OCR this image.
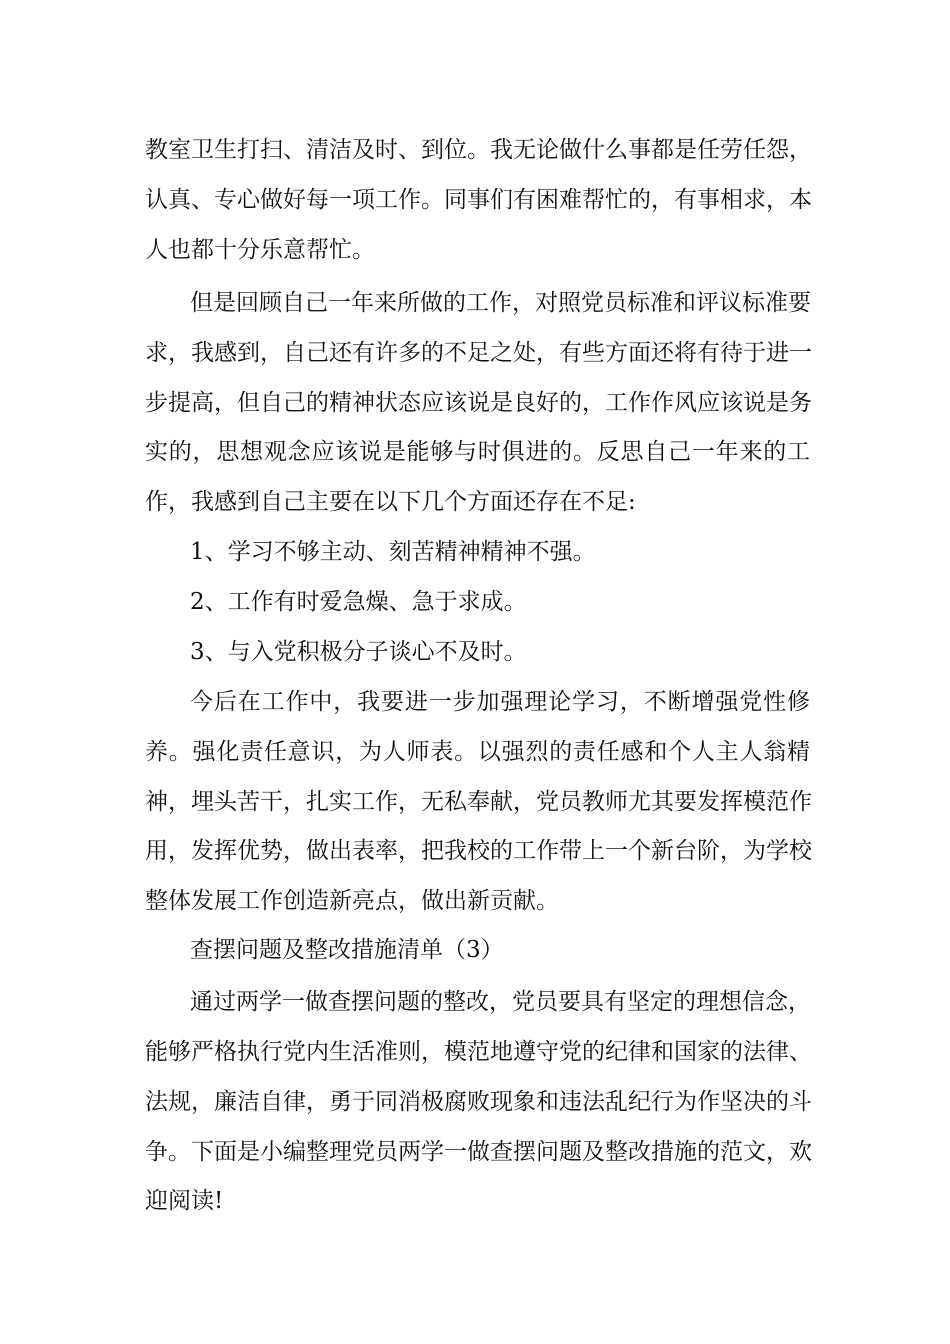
教室卫生打扫、清洁及时、到位。我无论做什么事都是任劳任怨，
认真、专心做好每一项工作。同事们有困难帮忙的，有事相求，本
人也都十分乐意帮忙。
但是回顾自己一年来所做的工作，对照党员标准和评议标准要
求，我感到，自己还有许多的不足之处，有些方面还将有待于进一
步提高，但自己的精神状态应该说是良好的，工作作风应该说是务
实的，思想观念应该说是能够与时俱进的。反思自己一年来的工
作，我感到自己主要在以下几个方面还存在不足:
1、学习不够主动、刻苦精神精神不强。
2、工作有时爱急燥、急于求成。
3、与入党积极分子谈心不及时。
今后在工作中，我要进一步加强理论学习，不断增强党性修
养。强化责任意识，为人师表。以强烈的责任感和个人主人翁精
神，埋头苦干，扎实工作，无私奉献，党员教师尤其要发挥模范作
用，发挥优势，做出表率，把我校的工作带上一个新台阶，为学校
整体发展工作创造新亮点，做出新贡献。
查摆问题及整改措施清单（3）
通过两学一做查摆问题的整改，党员要具有坚定的理想信念，
能够严格执行党内生活准则，模范地遵守党的纪律和国家的法律、
法规，廉洁自律，勇于同消极腐败现象和违法乱纪行为作坚决的斗
争。下面是小编整理党员两学一做查摆问题及整改措施的范文，欢
迎阅读!
